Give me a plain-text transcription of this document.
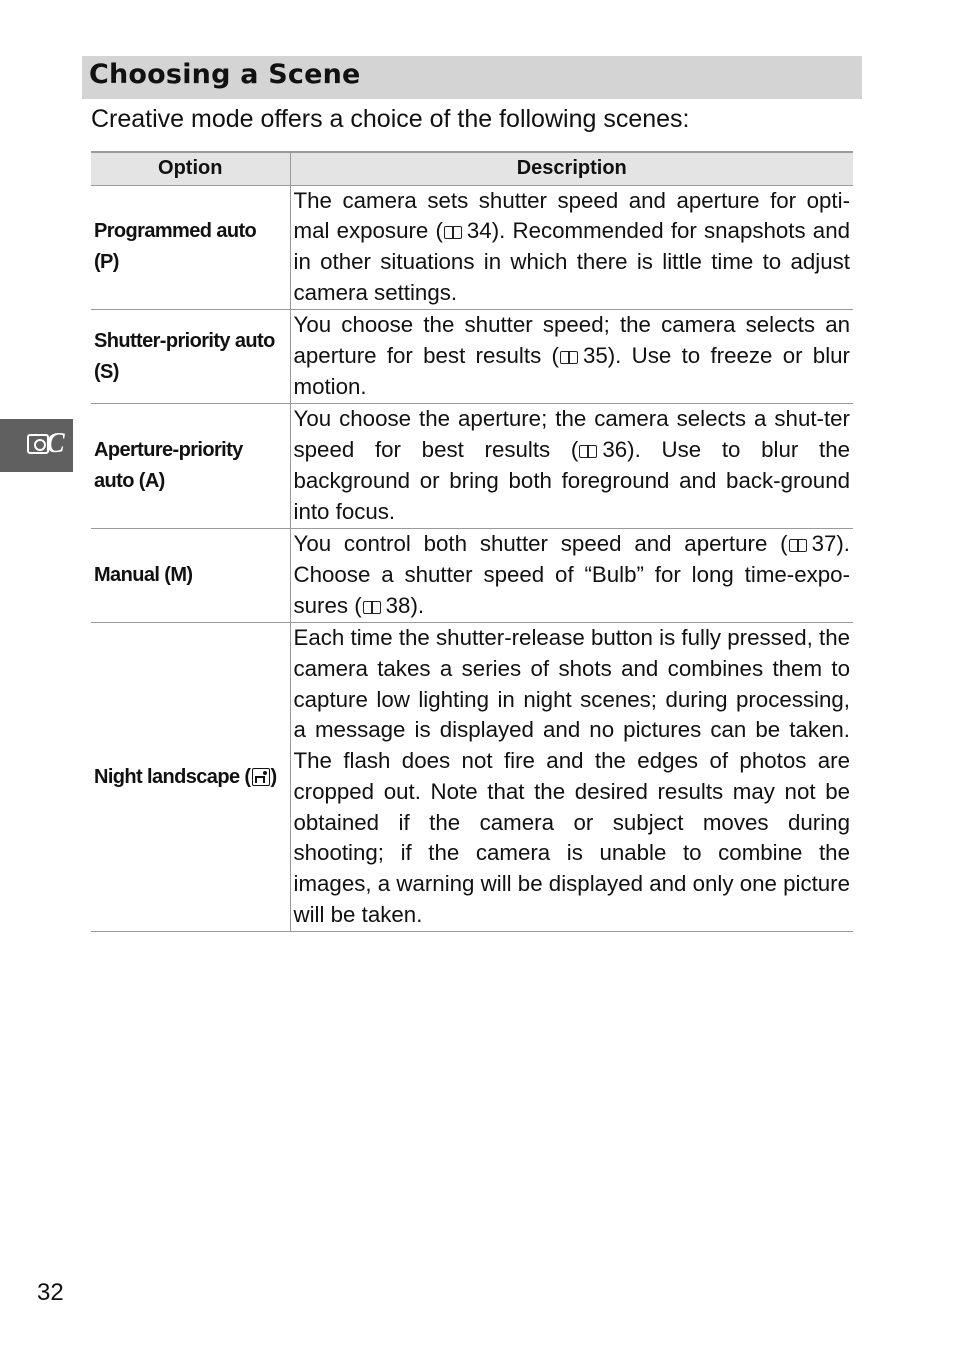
Choosing a Scene

Creative mode offers a choice of the following scenes:

Option	Description
Programmed auto (P)	The camera sets shutter speed and aperture for opti-mal exposure ( 34). Recommended for snapshots and in other situations in which there is little time to adjust camera settings.
Shutter-priority auto (S)	You choose the shutter speed; the camera selects an aperture for best results ( 35). Use to freeze or blur motion.
Aperture-priority auto (A)	You choose the aperture; the camera selects a shut-ter speed for best results ( 36). Use to blur the background or bring both foreground and back-ground into focus.
Manual (M)	You control both shutter speed and aperture ( 37). Choose a shutter speed of “Bulb” for long time-expo-sures ( 38).
Night landscape ( )	Each time the shutter-release button is fully pressed, the camera takes a series of shots and combines them to capture low lighting in night scenes; during processing, a message is displayed and no pictures can be taken. The flash does not fire and the edges of photos are cropped out. Note that the desired results may not be obtained if the camera or subject moves during shooting; if the camera is unable to combine the images, a warning will be displayed and only one picture will be taken.
C
32
